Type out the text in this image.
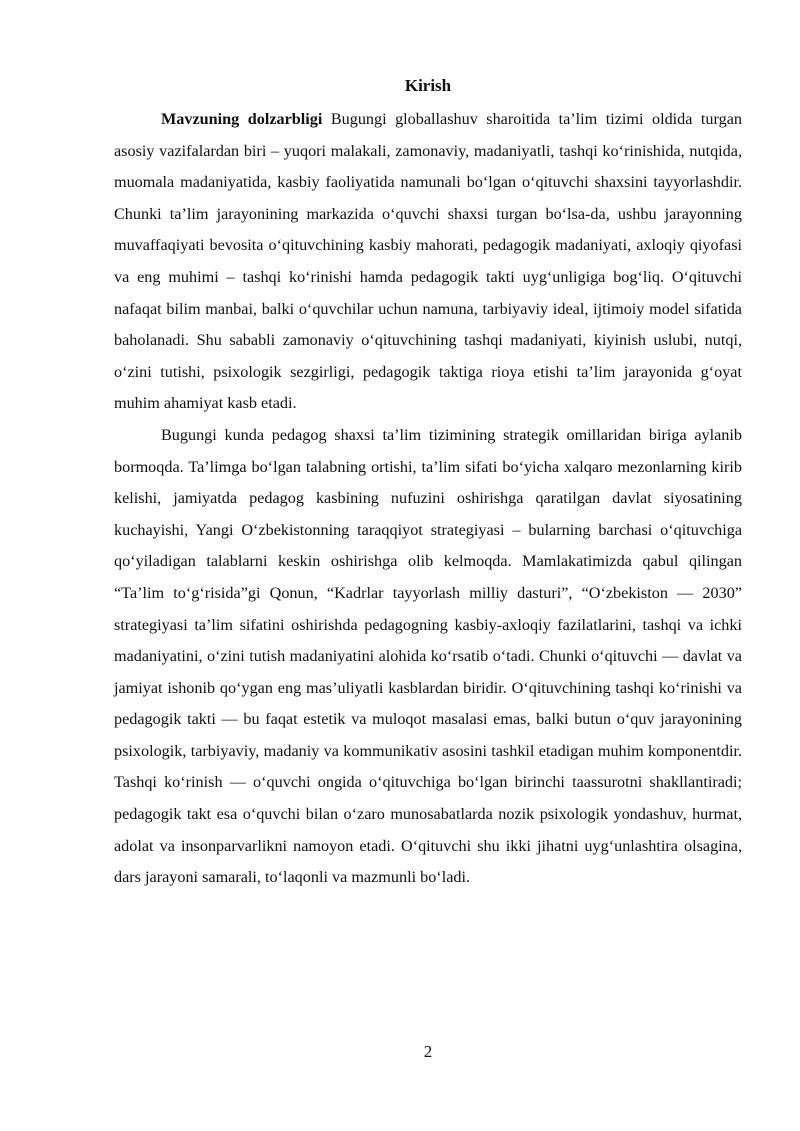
Kirish

Mavzuning dolzarbligi Bugungi globallashuv sharoitida ta’lim tizimi oldida turgan asosiy vazifalardan biri – yuqori malakali, zamonaviy, madaniyatli, tashqi ko‘rinishida, nutqida, muomala madaniyatida, kasbiy faoliyatida namunali bo‘lgan o‘qituvchi shaxsini tayyorlashdir. Chunki ta’lim jarayonining markazida o‘quvchi shaxsi turgan bo‘lsa-da, ushbu jarayonning muvaffaqiyati bevosita o‘qituvchining kasbiy mahorati, pedagogik madaniyati, axloqiy qiyofasi va eng muhimi – tashqi ko‘rinishi hamda pedagogik takti uyg‘unligiga bog‘liq. O‘qituvchi nafaqat bilim manbai, balki o‘quvchilar uchun namuna, tarbiyaviy ideal, ijtimoiy model sifatida baholanadi. Shu sababli zamonaviy o‘qituvchining tashqi madaniyati, kiyinish uslubi, nutqi, o‘zini tutishi, psixologik sezgirligi, pedagogik taktiga rioya etishi ta’lim jarayonida g‘oyat muhim ahamiyat kasb etadi.

Bugungi kunda pedagog shaxsi ta’lim tizimining strategik omillaridan biriga aylanib bormoqda. Ta’limga bo‘lgan talabning ortishi, ta’lim sifati bo‘yicha xalqaro mezonlarning kirib kelishi, jamiyatda pedagog kasbining nufuzini oshirishga qaratilgan davlat siyosatining kuchayishi, Yangi O‘zbekistonning taraqqiyot strategiyasi – bularning barchasi o‘qituvchiga qo‘yiladigan talablarni keskin oshirishga olib kelmoqda. Mamlakatimizda qabul qilingan “Ta’lim to‘g‘risida”gi Qonun, “Kadrlar tayyorlash milliy dasturi”, “O‘zbekiston — 2030” strategiyasi ta’lim sifatini oshirishda pedagogning kasbiy-axloqiy fazilatlarini, tashqi va ichki madaniyatini, o‘zini tutish madaniyatini alohida ko‘rsatib o‘tadi. Chunki o‘qituvchi — davlat va jamiyat ishonib qo‘ygan eng mas’uliyatli kasblardan biridir. O‘qituvchining tashqi ko‘rinishi va pedagogik takti — bu faqat estetik va muloqot masalasi emas, balki butun o‘quv jarayonining psixologik, tarbiyaviy, madaniy va kommunikativ asosini tashkil etadigan muhim komponentdir. Tashqi ko‘rinish — o‘quvchi ongida o‘qituvchiga bo‘lgan birinchi taassurotni shakllantiradi; pedagogik takt esa o‘quvchi bilan o‘zaro munosabatlarda nozik psixologik yondashuv, hurmat, adolat va insonparvarlikni namoyon etadi. O‘qituvchi shu ikki jihatni uyg‘unlashtira olsagina, dars jarayoni samarali, to‘laqonli va mazmunli bo‘ladi.

2
